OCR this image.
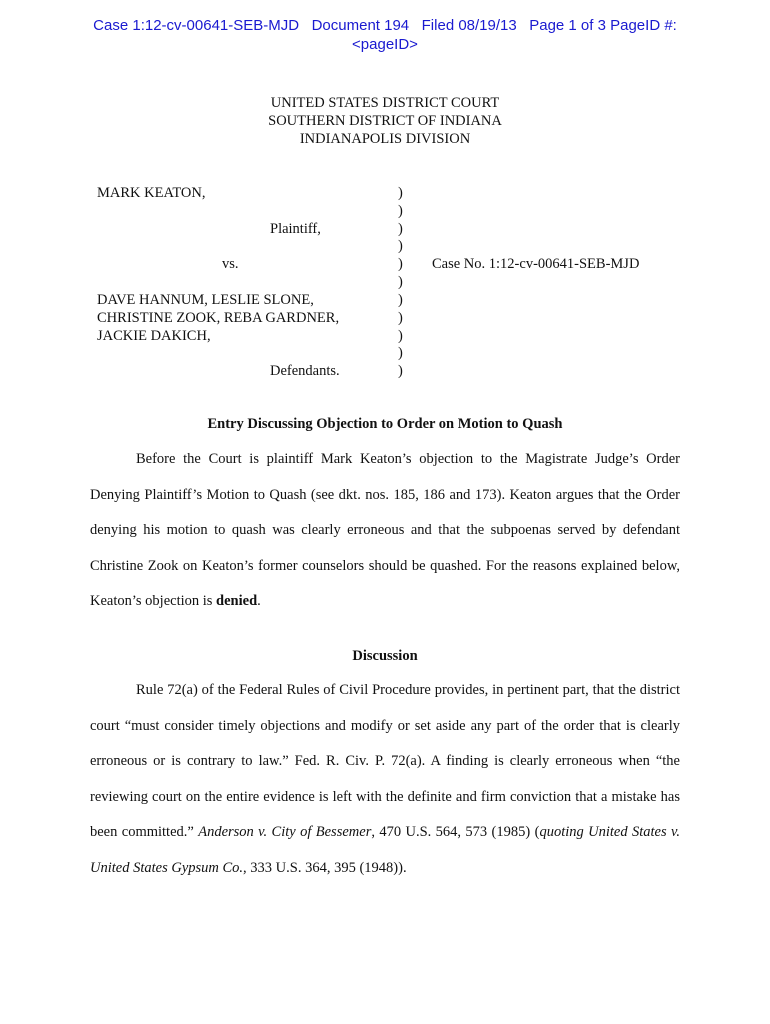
Case 1:12-cv-00641-SEB-MJD   Document 194   Filed 08/19/13   Page 1 of 3 PageID #:
<pageID>
UNITED STATES DISTRICT COURT
SOUTHERN DISTRICT OF INDIANA
INDIANAPOLIS DIVISION
MARK KEATON,
Plaintiff,
vs.	Case No. 1:12-cv-00641-SEB-MJD
DAVE HANNUM, LESLIE SLONE,
CHRISTINE ZOOK, REBA GARDNER,
JACKIE DAKICH,
Defendants.
)
)
)
)
)
)
)
)
)
)
)
Entry Discussing Objection to Order on Motion to Quash
Before the Court is plaintiff Mark Keaton’s objection to the Magistrate Judge’s Order Denying Plaintiff’s Motion to Quash (see dkt. nos. 185, 186 and 173). Keaton argues that the Order denying his motion to quash was clearly erroneous and that the subpoenas served by defendant Christine Zook on Keaton’s former counselors should be quashed. For the reasons explained below, Keaton’s objection is denied.
Discussion
Rule 72(a) of the Federal Rules of Civil Procedure provides, in pertinent part, that the district court “must consider timely objections and modify or set aside any part of the order that is clearly erroneous or is contrary to law.” Fed. R. Civ. P. 72(a). A finding is clearly erroneous when “the reviewing court on the entire evidence is left with the definite and firm conviction that a mistake has been committed.” Anderson v. City of Bessemer, 470 U.S. 564, 573 (1985) (quoting United States v. United States Gypsum Co., 333 U.S. 364, 395 (1948)).
